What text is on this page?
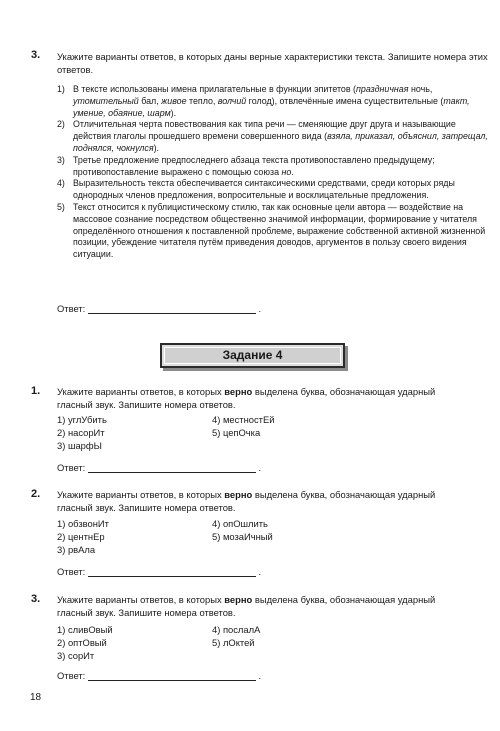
3. Укажите варианты ответов, в которых даны верные характеристики текста. Запишите номера этих ответов.
1) В тексте использованы имена прилагательные в функции эпитетов (праздничная ночь, утомительный бал, живое тепло, волчий голод), отвлечённые имена существительные (такт, умение, обаяние, шарм).
2) Отличительная черта повествования как типа речи — сменяющие друг друга и называющие действия глаголы прошедшего времени совершенного вида (взяла, приказал, объяснил, затрещал, поднялся, чокнулся).
3) Третье предложение предпоследнего абзаца текста противопоставлено предыдущему; противопоставление выражено с помощью союза но.
4) Выразительность текста обеспечивается синтаксическими средствами, среди которых ряды однородных членов предложения, вопросительные и восклицательные предложения.
5) Текст относится к публицистическому стилю, так как основные цели автора — воздействие на массовое сознание посредством общественно значимой информации, формирование у читателя определённого отношения к поставленной проблеме, выражение собственной активной жизненной позиции, убеждение читателя путём приведения доводов, аргументов в пользу своего видения ситуации.
Ответ:	.
Задание 4
1. Укажите варианты ответов, в которых верно выделена буква, обозначающая ударный
гласный звук. Запишите номера ответов.
1) углУбить
2) насорИт
3) шарфЫ
4) местностЕй
5) цепОчка
Ответ:	.
2. Укажите варианты ответов, в которых верно выделена буква, обозначающая ударный
гласный звук. Запишите номера ответов.
1) обзвонИт
2) центнЕр
3) рвАла
4) опОшлить
5) мозаИчный
Ответ:	.
3. Укажите варианты ответов, в которых верно выделена буква, обозначающая ударный
гласный звук. Запишите номера ответов.
1) сливОвый
2) оптОвый
3) сорИт
4) послалА
5) лОктей
Ответ:	.
18
